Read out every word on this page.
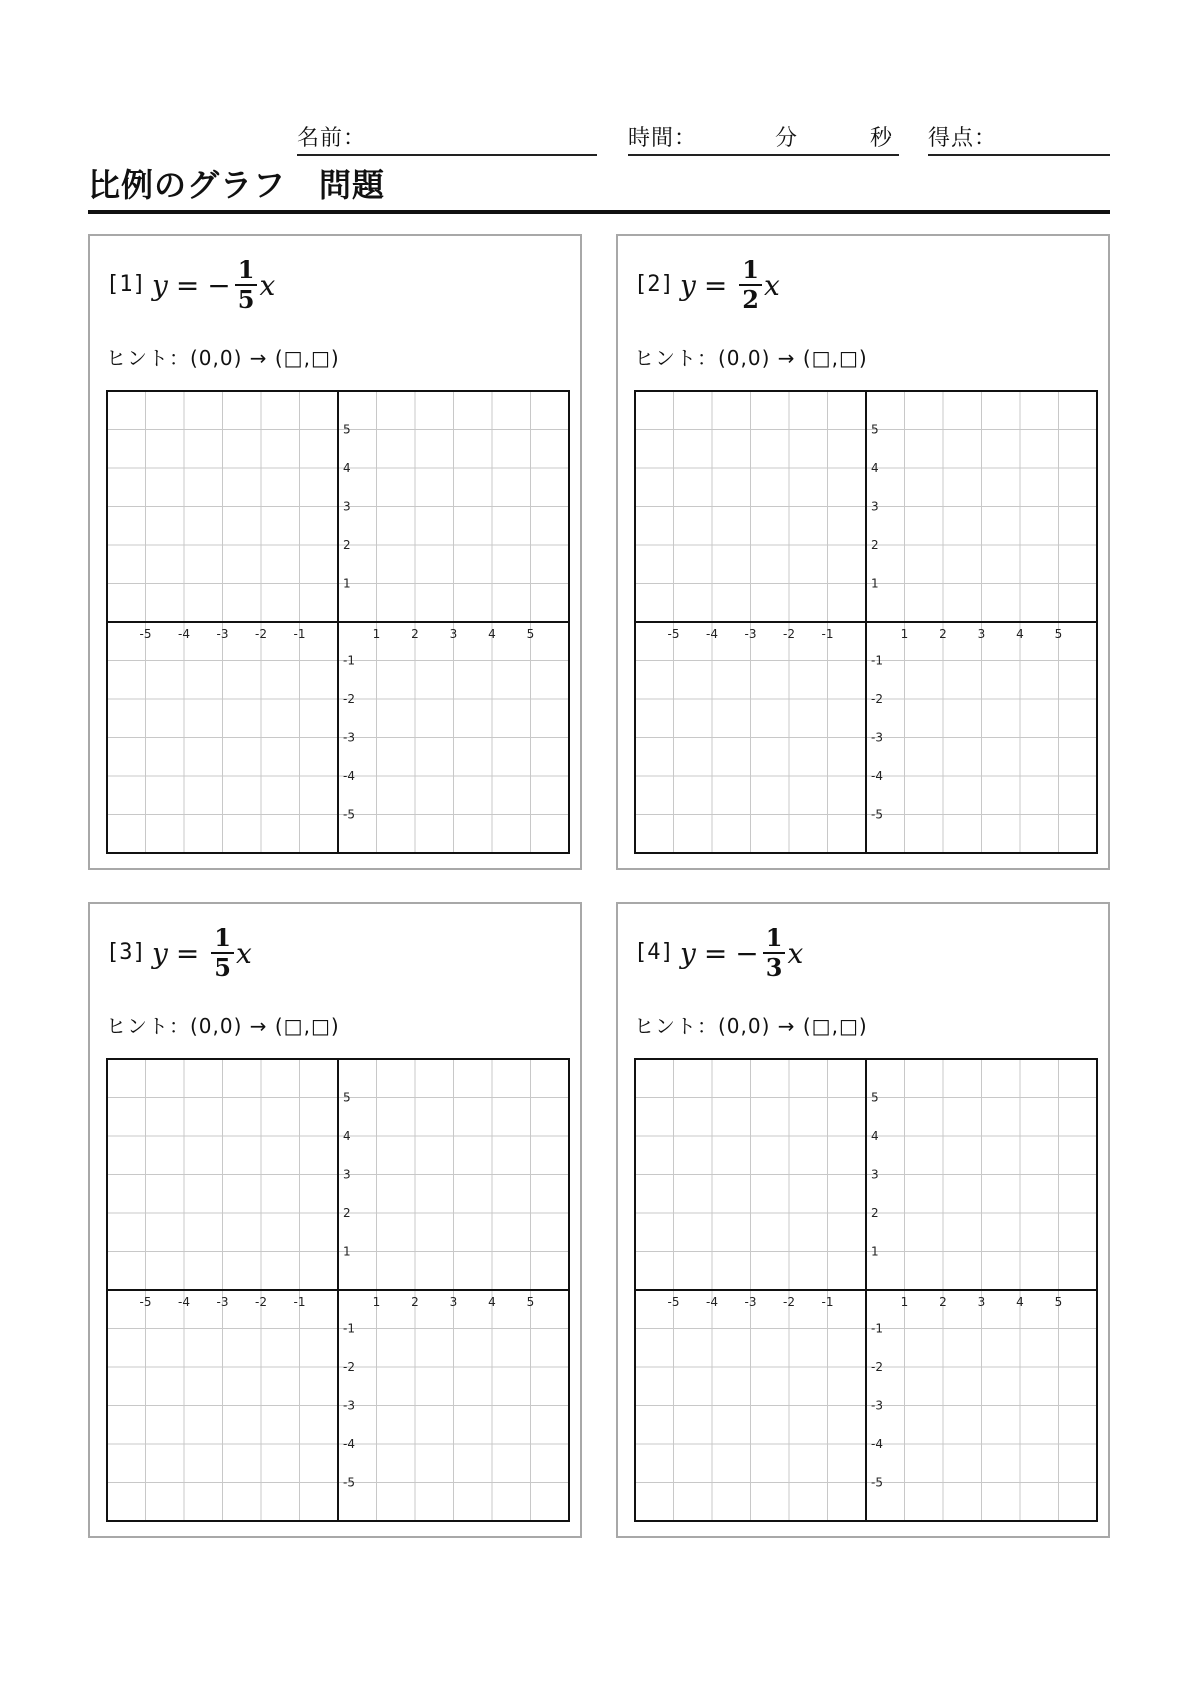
名前：	時間：	分	秒 得点：
比例のグラフ　問題
[1] y = − $\frac{1}{5}$ x
ヒント：(0,0) → (□,□)
-5 -4 -3 -2 -1	1	2	3	4	5
5
4
3
2
1
-1
-2
-3
-4
-5
[2] $y = \frac{1}{2}$ x
ヒント：(0,0) → (□,□)
-5 -4 -3 -2 -1	1	2	3	4	5
5
4
3
2
1
-1
-2
-3
-4
-5
[3] $y = \frac{1}{5}$ x
ヒント：(0,0) → (□,□)
-5 -4 -3 -2 -1	1	2	3	4	5
5
4
3
2
1
-1
-2
-3
-4
-5
[4] y = − $\frac{1}{3}$ x
ヒント：(0,0) → (□,□)
-5 -4 -3 -2 -1	1	2	3	4	5
5
4
3
2
1
-1
-2
-3
-4
-5
